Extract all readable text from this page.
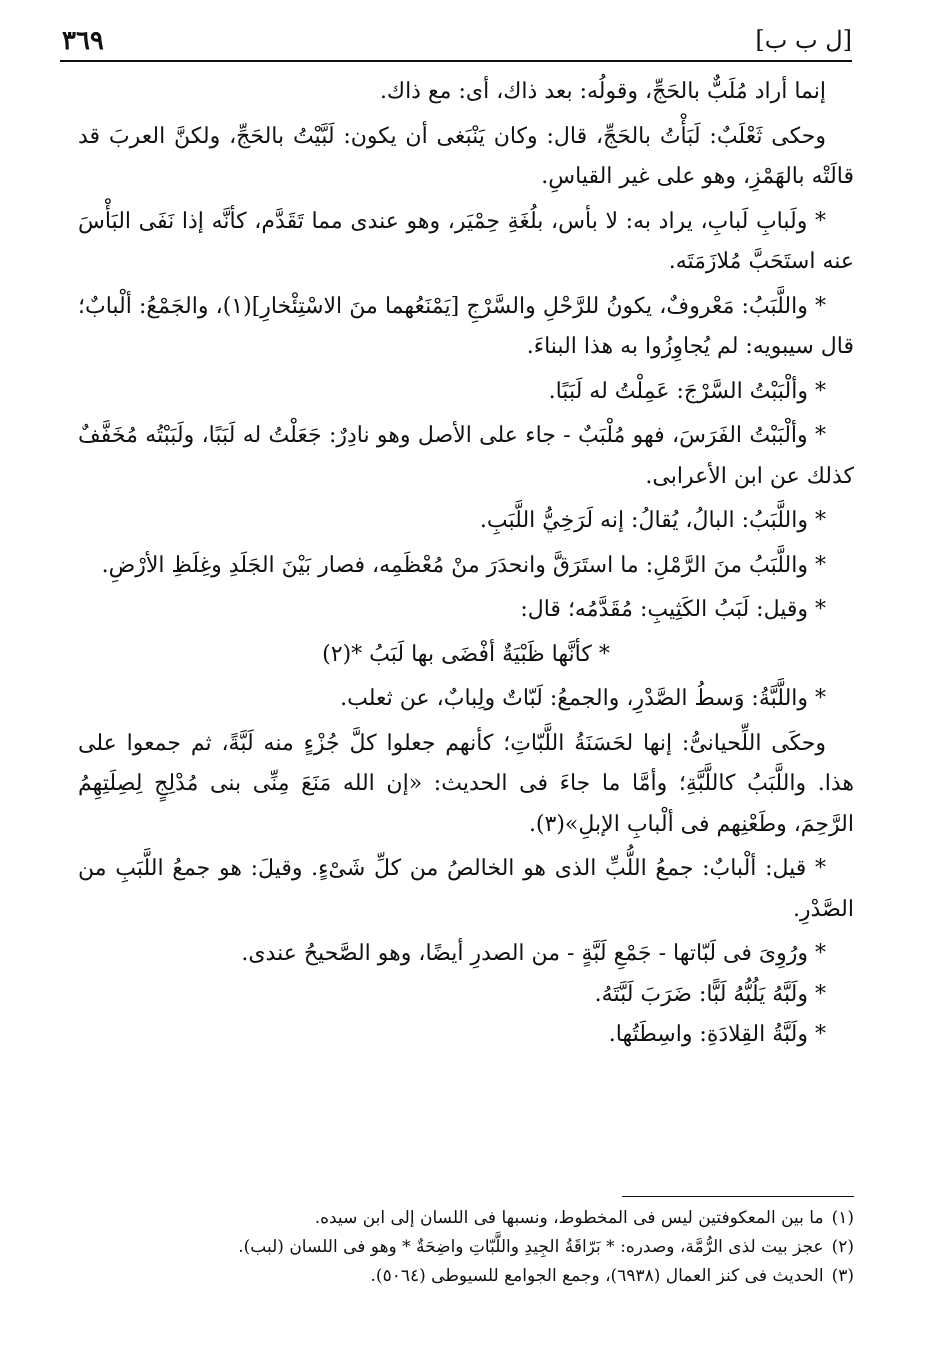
٣٦٩	[ل ب ب]

إنما أراد مُلَبٌّ بالحَجِّ، وقولُه: بعد ذاك، أى: مع ذاك.

وحكى ثَعْلَبٌ: لَبَأْتُ بالحَجِّ، قال: وكان يَنْبَغى أن يكون: لَبَّيْتُ بالحَجِّ، ولكنَّ العربَ قد قالَتْه بالهَمْزِ، وهو على غير القياسِ.

* ولَبابِ لَبابِ، يراد به: لا بأس، بلُغَةِ حِمْيَر، وهو عندى مما تَقَدَّم، كأنَّه إذا نَفَى البَأْسَ عنه استَحَبَّ مُلازَمَتَه.

* واللَّبَبُ: مَعْروفٌ، يكونُ للرَّحْلِ والسَّرْجِ [يَمْنَعُهما منَ الاسْتِئْخارِ](١)، والجَمْعُ: ألْبابٌ؛ قال سيبويه: لم يُجاوِزُوا به هذا البناءَ.

* وألْبَبْتُ السَّرْجَ: عَمِلْتُ له لَبَبًا.

* وألْبَبْتُ الفَرَسَ، فهو مُلْبَبٌ - جاء على الأصل وهو نادِرٌ: جَعَلْتُ له لَبَبًا، ولَبَبْتُه مُخَفَّفٌ كذلك عن ابن الأعرابى.

* واللَّبَبُ: البالُ، يُقالُ: إنه لَرَخِيُّ اللَّبَبِ.

* واللَّبَبُ منَ الرَّمْلِ: ما استَرَقَّ وانحدَرَ منْ مُعْظَمِه، فصار بَيْنَ الجَلَدِ وغِلَظِ الأرْضِ.

* وقيل: لَبَبُ الكَثِيبِ: مُقَدَّمُه؛ قال:

* كأنَّها ظَبْيَةٌ أفْضَى بها لَبَبُ *(٢)

* واللَّبَّةُ: وَسطُ الصَّدْرِ، والجمعُ: لَبّاتٌ ولِبابٌ، عن ثعلب.

وحكَى اللِّحيانىُّ: إنها لحَسَنَةُ اللَّبّاتِ؛ كأنهم جعلوا كلَّ جُزْءٍ منه لَبَّةً، ثم جمعوا على هذا. واللَّبَبُ كاللَّبَّةِ؛ وأمَّا ما جاءَ فى الحديث: «إن الله مَنَعَ مِنِّى بنى مُدْلِجٍ لِصِلَتِهِمُ الرَّحِمَ، وطَعْنِهم فى ألْبابِ الإبلِ»(٣).

* قيل: ألْبابٌ: جمعُ اللُّبِّ الذى هو الخالصُ من كلِّ شَىْءٍ. وقيلَ: هو جمعُ اللَّبَبِ من الصَّدْرِ.

* ورُوِىَ فى لَبّاتها - جَمْعِ لَبَّةٍ - من الصدرِ أيضًا، وهو الصَّحيحُ عندى.

* ولَبَّهُ يَلُبُّهُ لَبًّا: ضَرَبَ لَبَّتَهُ.

* ولَبَّةُ القِلادَةِ: واسِطَتُها.

(١)ما بين المعكوفتين ليس فى المخطوط، ونسبها فى اللسان إلى ابن سيده.

(٢)عجز بيت لذى الرُّمَّة، وصدره: * بَرّاقَةُ الجِيدِ واللَّبّاتِ واضِحَةٌ * وهو فى اللسان (لبب).

(٣)الحديث فى كنز العمال (٦٩٣٨)، وجمع الجوامع للسيوطى (٥٠٦٤).
